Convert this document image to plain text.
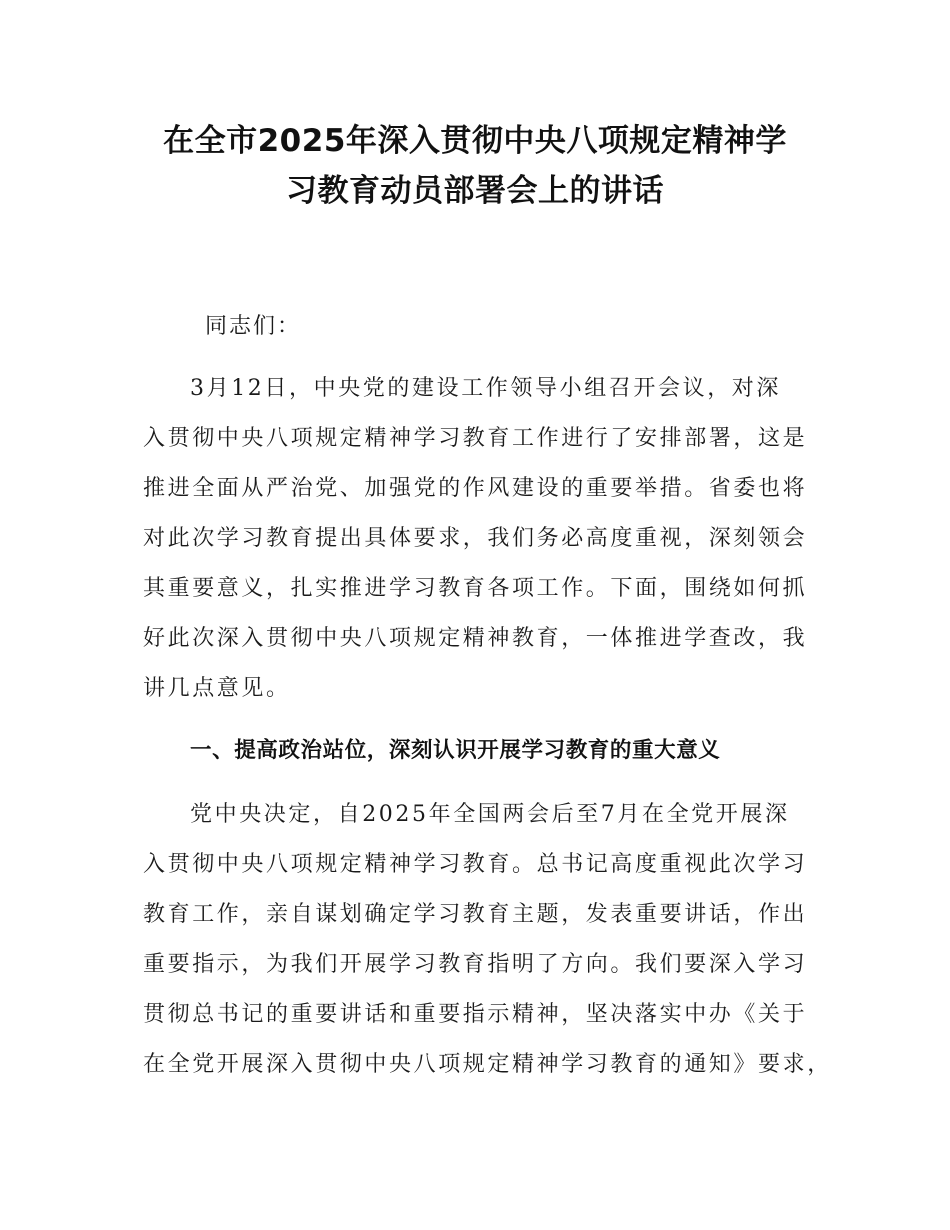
在全市2025年深入贯彻中央八项规定精神学
习教育动员部署会上的讲话
同志们：
3月12日，中央党的建设工作领导小组召开会议，对深
入贯彻中央八项规定精神学习教育工作进行了安排部署，这是
推进全面从严治党、加强党的作风建设的重要举措。省委也将
对此次学习教育提出具体要求，我们务必高度重视，深刻领会
其重要意义，扎实推进学习教育各项工作。下面，围绕如何抓
好此次深入贯彻中央八项规定精神教育，一体推进学查改，我
讲几点意见。
一、提高政治站位，深刻认识开展学习教育的重大意义
党中央决定，自2025年全国两会后至7月在全党开展深
入贯彻中央八项规定精神学习教育。总书记高度重视此次学习
教育工作，亲自谋划确定学习教育主题，发表重要讲话，作出
重要指示，为我们开展学习教育指明了方向。我们要深入学习
贯彻总书记的重要讲话和重要指示精神，坚决落实中办《关于
在全党开展深入贯彻中央八项规定精神学习教育的通知》要求，
